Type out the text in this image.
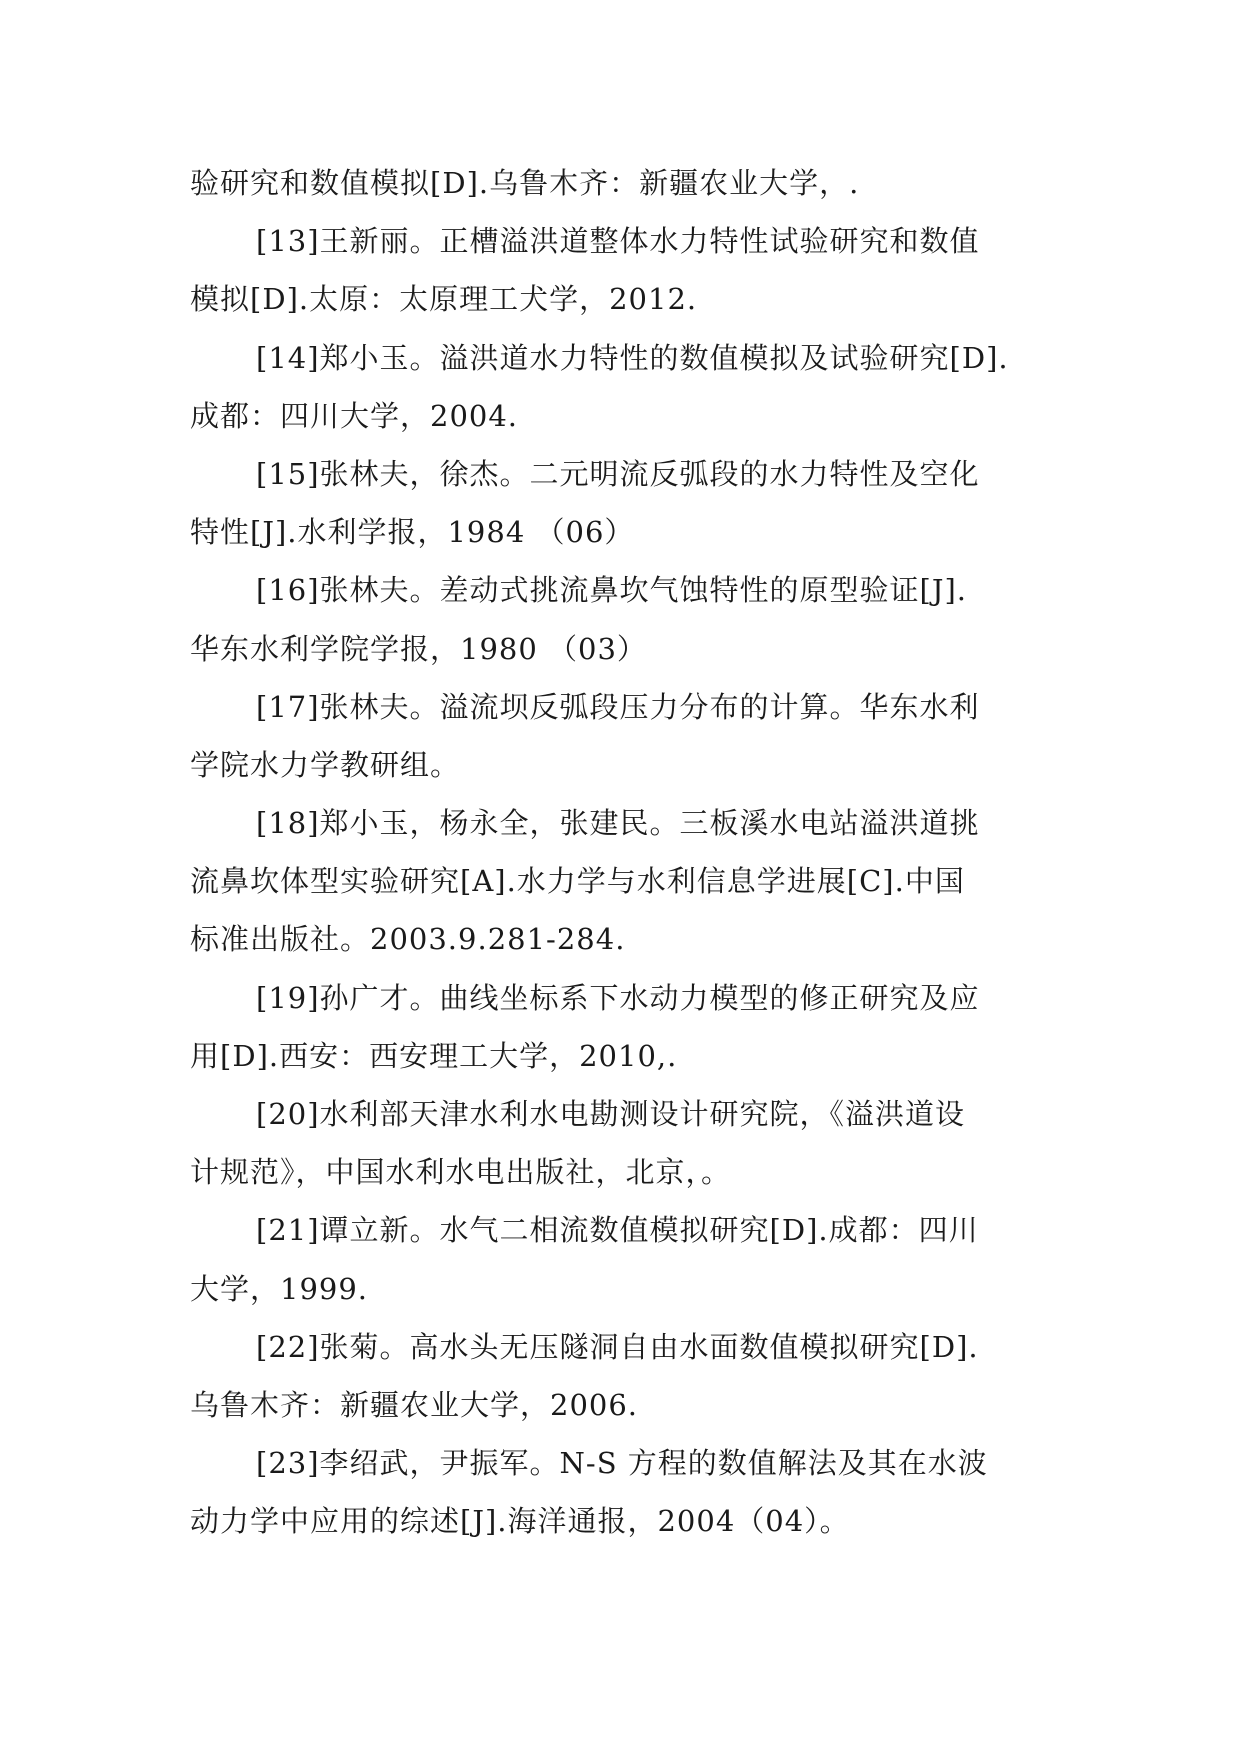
验研究和数值模拟[D].乌鲁木齐：新疆农业大学，.
[13]王新丽。正槽溢洪道整体水力特性试验研究和数值
模拟[D].太原：太原理工犬学，2012.
[14]郑小玉。溢洪道水力特性的数值模拟及试验研究[D].
成都：四川大学，2004.
[15]张林夫，徐杰。二元明流反弧段的水力特性及空化
特性[J].水利学报，1984 （06）
[16]张林夫。差动式挑流鼻坎气蚀特性的原型验证[J].
华东水利学院学报，1980 （03）
[17]张林夫。溢流坝反弧段压力分布的计算。华东水利
学院水力学教研组。
[18]郑小玉，杨永全，张建民。三板溪水电站溢洪道挑
流鼻坎体型实验研究[A].水力学与水利信息学进展[C].中国
标准出版社。2003.9.281-284.
[19]孙广才。曲线坐标系下水动力模型的修正研究及应
用[D].西安：西安理工大学，2010,.
[20]水利部天津水利水电勘测设计研究院，《溢洪道设
计规范》，中国水利水电出版社，北京，。
[21]谭立新。水气二相流数值模拟研究[D].成都：四川
大学，1999.
[22]张菊。高水头无压隧洞自由水面数值模拟研究[D].
乌鲁木齐：新疆农业大学，2006.
[23]李绍武，尹振军。N-S 方程的数值解法及其在水波
动力学中应用的综述[J].海洋通报，2004（04）。
